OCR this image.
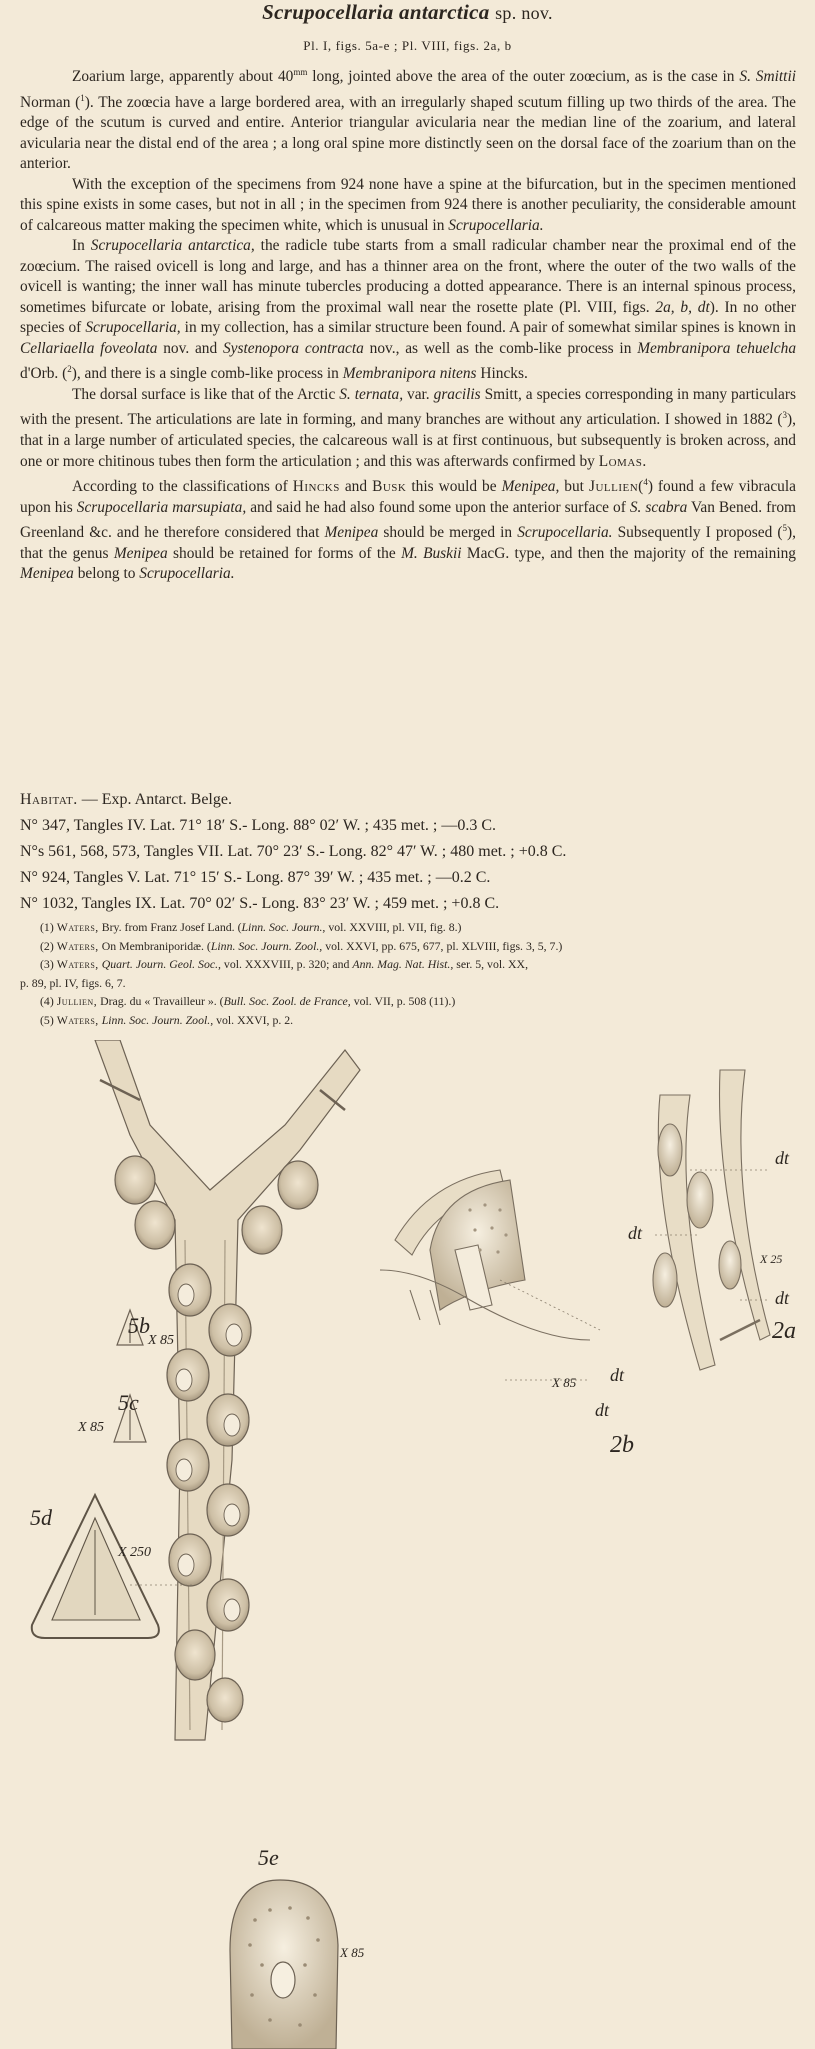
Scrupocellaria antarctica sp. nov.
Pl. I, figs. 5a-e ; Pl. VIII, figs. 2a, b

Zoarium large, apparently about $40^{mm}$ long, jointed above the area of the outer zoœcium, as is the case in S. Smittii Norman ($^1$). The zoœcia have a large bordered area, with an irregularly shaped scutum filling up two thirds of the area. The edge of the scutum is curved and entire. Anterior triangular avicularia near the median line of the zoarium, and lateral avicularia near the distal end of the area ; a long oral spine more distinctly seen on the dorsal face of the zoarium than on the anterior.

With the exception of the specimens from 924 none have a spine at the bifurcation, but in the specimen mentioned this spine exists in some cases, but not in all ; in the specimen from 924 there is another peculiarity, the considerable amount of calcareous matter making the specimen white, which is unusual in Scrupocellaria.

In Scrupocellaria antarctica, the radicle tube starts from a small radicular chamber near the proximal end of the zoœcium. The raised ovicell is long and large, and has a thinner area on the front, where the outer of the two walls of the ovicell is wanting; the inner wall has minute tubercles producing a dotted appearance. There is an internal spinous process, sometimes bifurcate or lobate, arising from the proximal wall near the rosette plate (Pl. VIII, figs. 2a, b, dt). In no other species of Scrupocellaria, in my collection, has a similar structure been found. A pair of somewhat similar spines is known in Cellariaella foveolata nov. and Systenopora contracta nov., as well as the comb-like process in Membranipora tehuelcha d'Orb. ($^2$), and there is a single comb-like process in Membranipora nitens Hincks.

The dorsal surface is like that of the Arctic S. ternata, var. gracilis Smitt, a species corresponding in many particulars with the present. The articulations are late in forming, and many branches are without any articulation. I showed in 1882 ($^3$), that in a large number of articulated species, the calcareous wall is at first continuous, but subsequently is broken across, and one or more chitinous tubes then form the articulation ; and this was afterwards confirmed by Lomas.

According to the classifications of Hincks and Busk this would be Menipea, but Jullien($^4$) found a few vibracula upon his Scrupocellaria marsupiata, and said he had also found some upon the anterior surface of S. scabra Van Bened. from Greenland &c. and he therefore considered that Menipea should be merged in Scrupocellaria. Subsequently I proposed ($^5$), that the genus Menipea should be retained for forms of the M. Buskii MacG. type, and then the majority of the remaining Menipea belong to Scrupocellaria.

Habitat. — Exp. Antarct. Belge.
N° 347, Tangles IV. Lat. 71° 18′ S.- Long. 88° 02′ W. ; 435 met. ; —0.3 C.
N°s 561, 568, 573, Tangles VII. Lat. 70° 23′ S.- Long. 82° 47′ W. ; 480 met. ; +0.8 C.
N° 924, Tangles V. Lat. 71° 15′ S.- Long. 87° 39′ W. ; 435 met. ; —0.2 C.
N° 1032, Tangles IX. Lat. 70° 02′ S.- Long. 83° 23′ W. ; 459 met. ; +0.8 C.
(1) Waters, Bry. from Franz Josef Land. (Linn. Soc. Journ., vol. XXVIII, pl. VII, fig. 8.)
(2) Waters, On Membraniporidæ. (Linn. Soc. Journ. Zool., vol. XXVI, pp. 675, 677, pl. XLVIII, figs. 3, 5, 7.)
(3) Waters, Quart. Journ. Geol. Soc., vol. XXXVIII, p. 320; and Ann. Mag. Nat. Hist., ser. 5, vol. XX,
p. 89, pl. IV, figs. 6, 7.
(4) Jullien, Drag. du « Travailleur ». (Bull. Soc. Zool. de France, vol. VII, p. 508 (11).)
(5) Waters, Linn. Soc. Journ. Zool., vol. XXVI, p. 2.
5b
X 85
5c
X 85
5d
X 250
5e
X 85
dt
dt
X 25
dt
2a
X 85 dt
dt
2b
